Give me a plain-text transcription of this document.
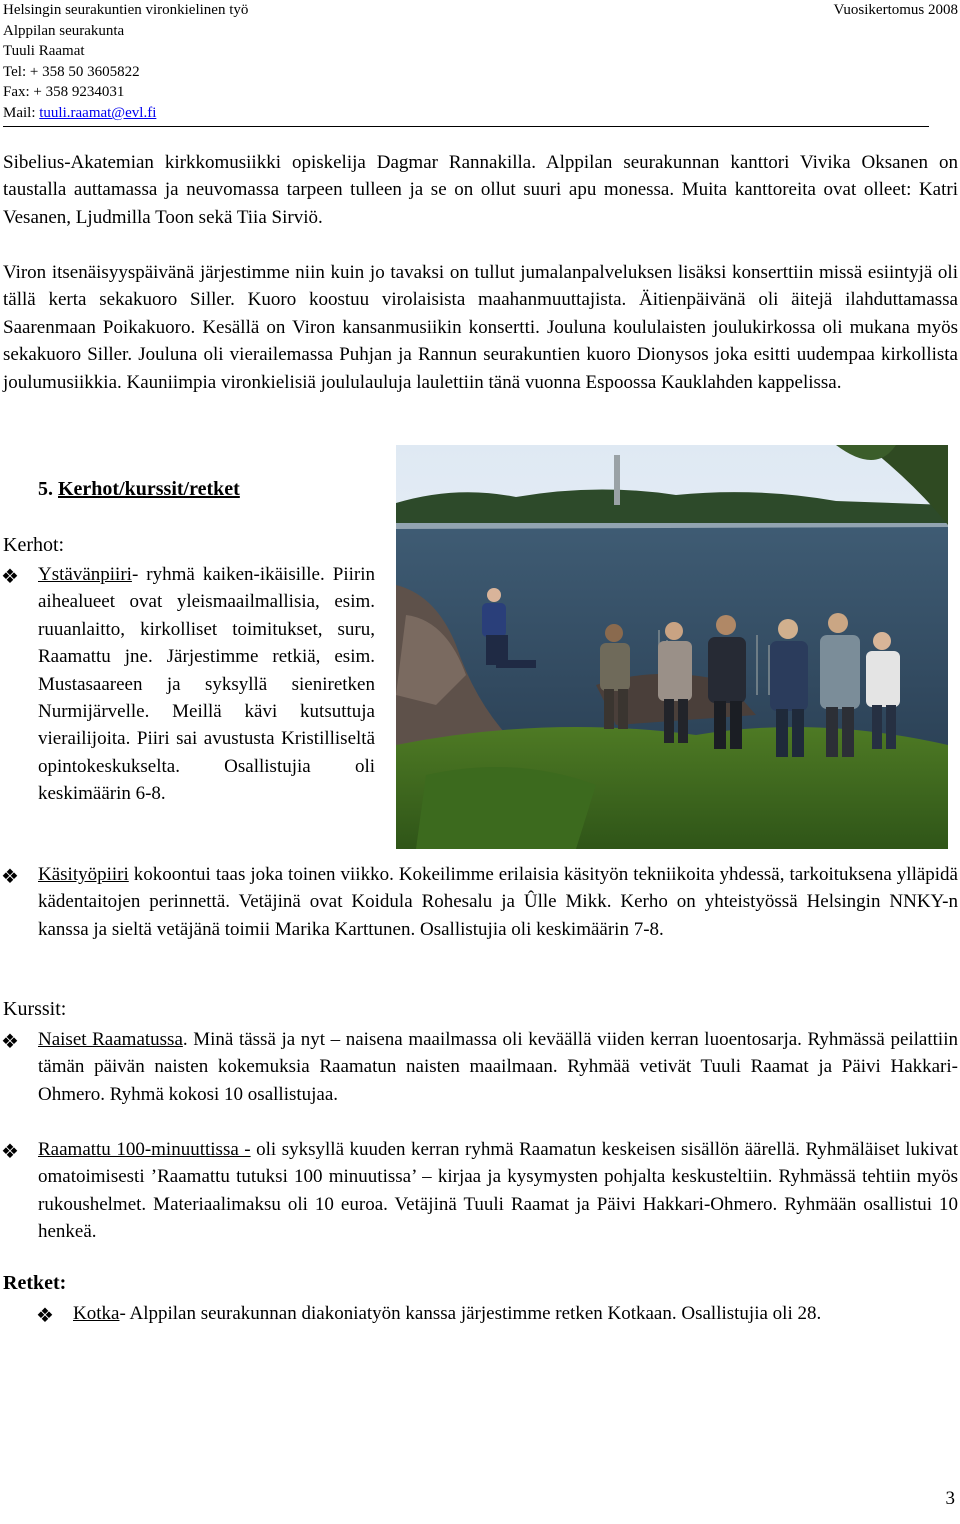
Helsingin seurakuntien vironkielinen työ
Alppilan seurakunta
Tuuli Raamat
Tel: + 358 50 3605822
Fax: + 358 9234031
Mail: tuuli.raamat@evl.fi
Vuosikertomus 2008

Sibelius-Akatemian kirkkomusiikki opiskelija Dagmar Rannakilla. Alppilan seurakunnan kanttori Vivika Oksanen on taustalla auttamassa ja neuvomassa tarpeen tulleen ja se on ollut suuri apu monessa. Muita kanttoreita ovat olleet: Katri Vesanen, Ljudmilla Toon sekä Tiia Sirviö.

Viron itsenäisyyspäivänä järjestimme niin kuin jo tavaksi on tullut jumalanpalveluksen lisäksi konserttiin missä esiintyjä oli tällä kerta sekakuoro Siller. Kuoro koostuu virolaisista maahanmuuttajista. Äitienpäivänä oli äitejä ilahduttamassa Saarenmaan Poikakuoro. Kesällä on Viron kansanmusiikin konsertti. Jouluna koululaisten joulukirkossa oli mukana myös sekakuoro Siller. Jouluna oli vierailemassa Puhjan ja Rannun seurakuntien kuoro Dionysos joka esitti uudempaa kirkollista joulumusiikkia. Kauniimpia vironkielisiä joululauluja laulettiin tänä vuonna Espoossa Kauklahden kappelissa.

5. Kerhot/kurssit/retket
Kerhot:

❖ Ystävänpiiri- ryhmä kaiken-ikäisille. Piirin aihealueet ovat yleismaailmallisia, esim. ruuanlaitto, kirkolliset toimitukset, suru, Raamattu jne. Järjestimme retkiä, esim. Mustasaareen ja syksyllä sieniretken Nurmijärvelle. Meillä kävi kutsuttuja vierailijoita. Piiri sai avustusta Kristilliseltä opintokeskukselta. Osallistujia oli keskimäärin 6-8.

❖ Käsityöpiiri kokoontui taas joka toinen viikko. Kokeilimme erilaisia käsityön tekniikoita yhdessä, tarkoituksena ylläpidä kädentaitojen perinnettä. Vetäjinä ovat Koidula Rohesalu ja Ûlle Mikk. Kerho on yhteistyössä Helsingin NNKY-n kanssa ja sieltä vetäjänä toimii Marika Karttunen. Osallistujia oli keskimäärin 7-8.

Kurssit:

❖ Naiset Raamatussa. Minä tässä ja nyt – naisena maailmassa oli keväällä viiden kerran luoentosarja. Ryhmässä peilattiin tämän päivän naisten kokemuksia Raamatun naisten maailmaan. Ryhmää vetivät Tuuli Raamat ja Päivi Hakkari-Ohmero. Ryhmä kokosi 10 osallistujaa.

❖ Raamattu 100-minuuttissa - oli syksyllä kuuden kerran ryhmä Raamatun keskeisen sisällön äärellä. Ryhmäläiset lukivat omatoimisesti ’Raamattu tutuksi 100 minuutissa’ – kirjaa ja kysymysten pohjalta keskusteltiin. Ryhmässä tehtiin myös rukoushelmet. Materiaalimaksu oli 10 euroa. Vetäjinä Tuuli Raamat ja Päivi Hakkari-Ohmero. Ryhmään osallistui 10 henkeä.

Retket:

❖ Kotka- Alppilan seurakunnan diakoniatyön kanssa järjestimme retken Kotkaan. Osallistujia oli 28.

3
